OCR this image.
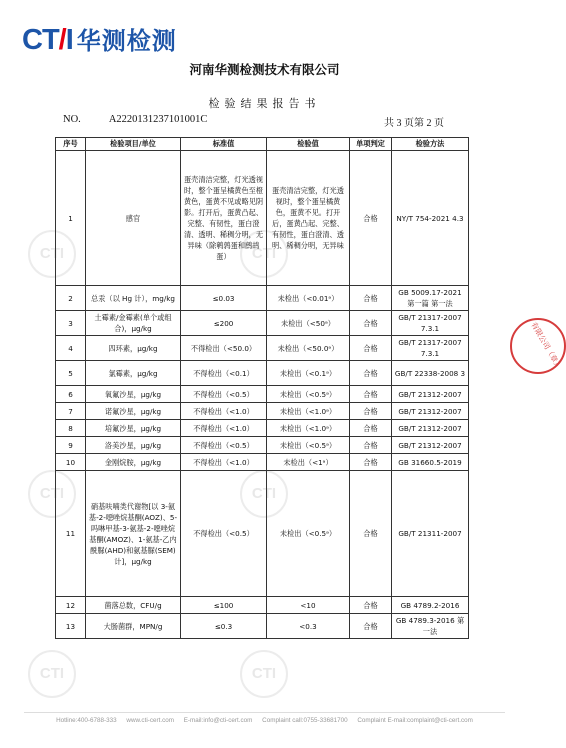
CTI	CTI
CTI	CTI
CTI	CTI
CT/I 华测检测
河南华测检测技术有限公司
检验结果报告书
NO.	A2220131237101001C	共 3 页第 2 页
序号	检验项目/单位	标准值	检验值	单项判定	检验方法
1	感官	蛋壳清洁完整，灯光透视时，整个蛋呈橘黄色至橙黄色，蛋黄不见或略见阴影。打开后，蛋黄凸起、完整、有韧性，蛋白澄清、透明、稀稠分明，无异味（除鹌鹑蛋和鹧鸪蛋）	蛋壳清洁完整，灯光透视时，整个蛋呈橘黄色，蛋黄不见。打开后，蛋黄凸起、完整、有韧性，蛋白澄清、透明、稀稠分明，无异味	合格	NY/T 754-2021 4.3
2	总汞（以 Hg 计），mg/kg	≤0.03	未检出（<0.01ᵃ）	合格	GB 5009.17-2021 第一篇 第一法
3	土霉素/金霉素(单个或组合)，μg/kg	≤200	未检出（<50ᵃ）	合格	GB/T 21317-2007 7.3.1
4	四环素，μg/kg	不得检出（<50.0）	未检出（<50.0ᵃ）	合格	GB/T 21317-2007 7.3.1
5	氯霉素，μg/kg	不得检出（<0.1）	未检出（<0.1ᵃ）	合格	GB/T 22338-2008 3
6	氧氟沙星，μg/kg	不得检出（<0.5）	未检出（<0.5ᵃ）	合格	GB/T 21312-2007
7	诺氟沙星，μg/kg	不得检出（<1.0）	未检出（<1.0ᵃ）	合格	GB/T 21312-2007
8	培氟沙星，μg/kg	不得检出（<1.0）	未检出（<1.0ᵃ）	合格	GB/T 21312-2007
9	洛美沙星，μg/kg	不得检出（<0.5）	未检出（<0.5ᵃ）	合格	GB/T 21312-2007
10	金刚烷胺，μg/kg	不得检出（<1.0）	未检出（<1ᵃ）	合格	GB 31660.5-2019
11	硝基呋喃类代谢物[以 3-氨基-2-噁唑烷基酮(AOZ)、5-吗啉甲基-3-氨基-2-噁唑烷基酮(AMOZ)、1-氨基-乙内酰脲(AHD)和氨基脲(SEM)计]，μg/kg	不得检出（<0.5）	未检出（<0.5ᵃ）	合格	GB/T 21311-2007
12	菌落总数，CFU/g	≤100	<10	合格	GB 4789.2-2016
13	大肠菌群，MPN/g	≤0.3	<0.3	合格	GB 4789.3-2016 第一法
有限公司（章）
Hotline:400-6788-333 www.cti-cert.com E-mail:info@cti-cert.com Complaint call:0755-33681700 Complaint E-mail:complaint@cti-cert.com
